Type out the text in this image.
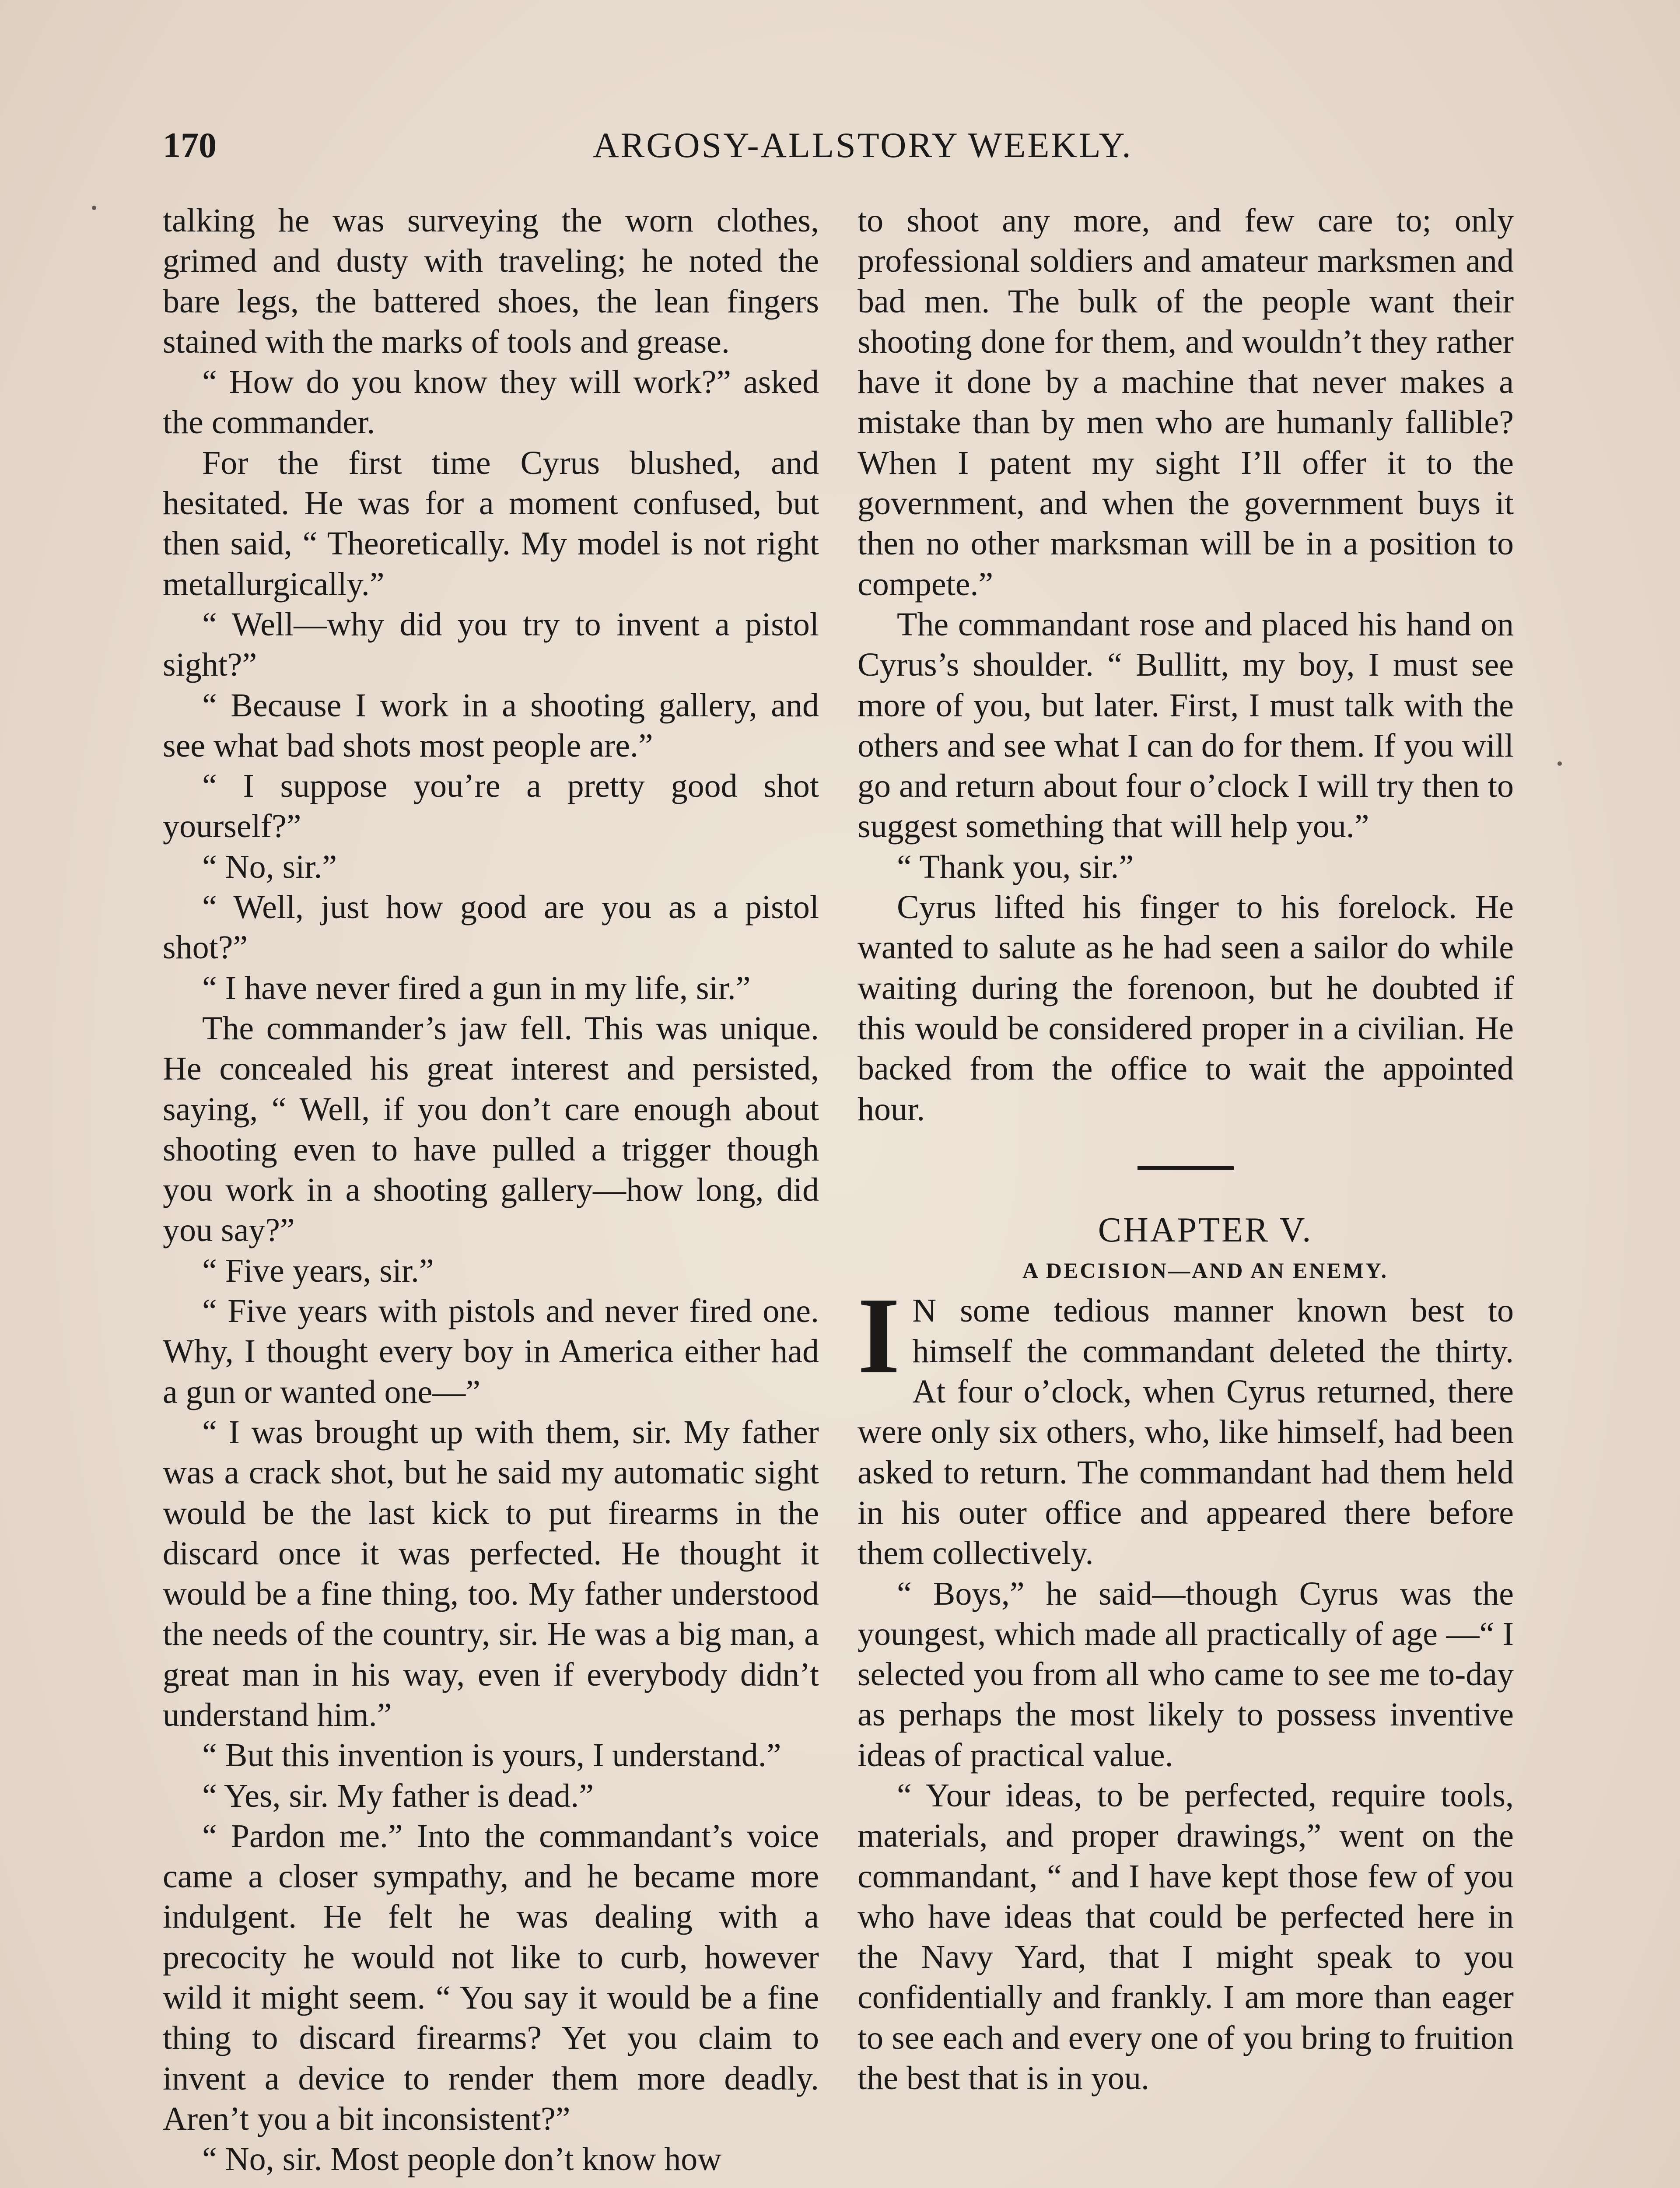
170	ARGOSY-ALLSTORY WEEKLY.

talking he was surveying the worn clothes, grimed and dusty with traveling; he noted the bare legs, the battered shoes, the lean fingers stained with the marks of tools and grease.

“ How do you know they will work?” asked the commander.

For the first time Cyrus blushed, and hesitated. He was for a moment confused, but then said, “ Theoretically. My model is not right metallurgically.”

“ Well—why did you try to invent a pistol sight?”

“ Because I work in a shooting gallery, and see what bad shots most people are.”

“ I suppose you’re a pretty good shot yourself?”

“ No, sir.”

“ Well, just how good are you as a pistol shot?”

“ I have never fired a gun in my life, sir.”

The commander’s jaw fell. This was unique. He concealed his great interest and persisted, saying, “ Well, if you don’t care enough about shooting even to have pulled a trigger though you work in a shooting gallery—how long, did you say?”

“ Five years, sir.”

“ Five years with pistols and never fired one. Why, I thought every boy in America either had a gun or wanted one—”

“ I was brought up with them, sir. My father was a crack shot, but he said my automatic sight would be the last kick to put firearms in the discard once it was perfected. He thought it would be a fine thing, too. My father understood the needs of the country, sir. He was a big man, a great man in his way, even if everybody didn’t understand him.”

“ But this invention is yours, I understand.”

“ Yes, sir. My father is dead.”

“ Pardon me.” Into the commandant’s voice came a closer sympathy, and he became more indulgent. He felt he was dealing with a precocity he would not like to curb, however wild it might seem. “ You say it would be a fine thing to discard firearms? Yet you claim to invent a device to render them more deadly. Aren’t you a bit inconsistent?”

“ No, sir. Most people don’t know how

to shoot any more, and few care to; only professional soldiers and amateur marksmen and bad men. The bulk of the people want their shooting done for them, and wouldn’t they rather have it done by a machine that never makes a mistake than by men who are humanly fallible? When I patent my sight I’ll offer it to the government, and when the government buys it then no other marksman will be in a position to compete.”

The commandant rose and placed his hand on Cyrus’s shoulder. “ Bullitt, my boy, I must see more of you, but later. First, I must talk with the others and see what I can do for them. If you will go and return about four o’clock I will try then to suggest something that will help you.”

“ Thank you, sir.”

Cyrus lifted his finger to his forelock. He wanted to salute as he had seen a sailor do while waiting during the forenoon, but he doubted if this would be considered proper in a civilian. He backed from the office to wait the appointed hour.

CHAPTER V.

A DECISION—AND AN ENEMY.

I N some tedious manner known best to himself the commandant deleted the thirty. At four o’clock, when Cyrus returned, there were only six others, who, like himself, had been asked to return. The commandant had them held in his outer office and appeared there before them collectively.

“ Boys,” he said—though Cyrus was the youngest, which made all practically of age —“ I selected you from all who came to see me to-day as perhaps the most likely to possess inventive ideas of practical value.

“ Your ideas, to be perfected, require tools, materials, and proper drawings,” went on the commandant, “ and I have kept those few of you who have ideas that could be perfected here in the Navy Yard, that I might speak to you confidentially and frankly. I am more than eager to see each and every one of you bring to fruition the best that is in you.
